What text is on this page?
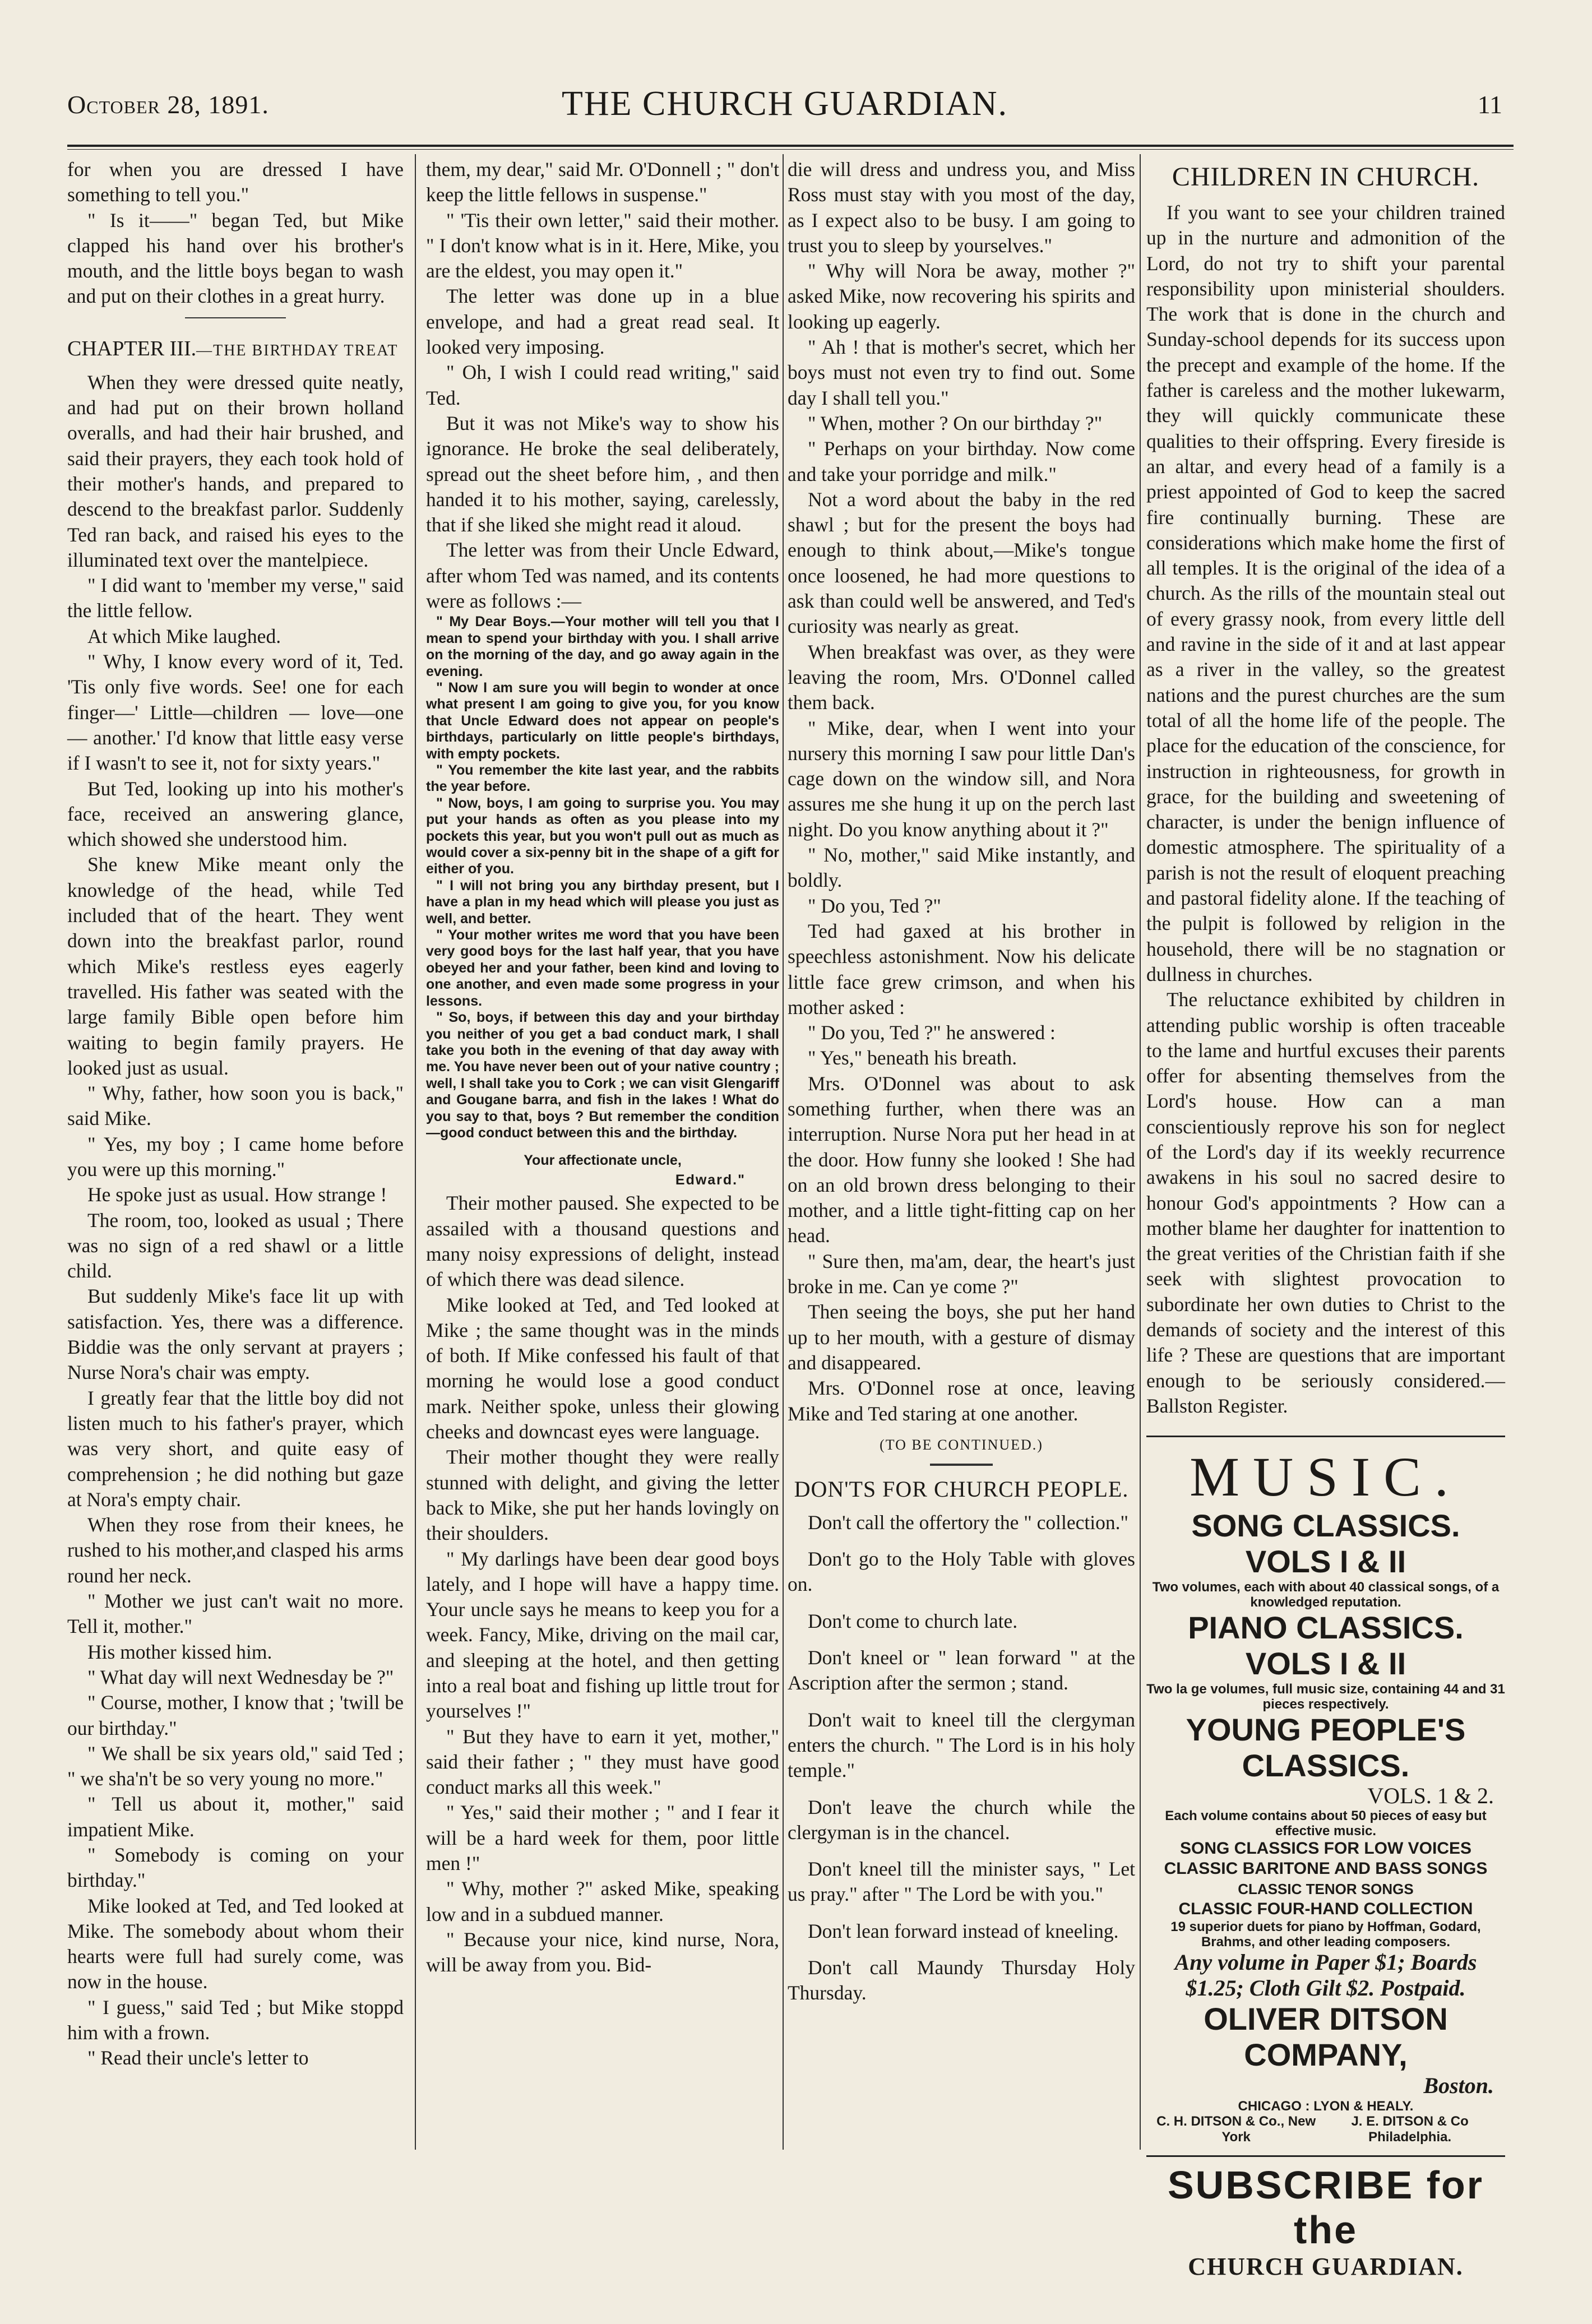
October 28, 1891.	THE CHURCH GUARDIAN.	11

for when you are dressed I have something to tell you."

" Is it——" began Ted, but Mike clapped his hand over his brother's mouth, and the little boys began to wash and put on their clothes in a great hurry.

CHAPTER III.—THE BIRTHDAY TREAT

When they were dressed quite neatly, and had put on their brown holland overalls, and had their hair brushed, and said their prayers, they each took hold of their mother's hands, and prepared to descend to the breakfast parlor. Suddenly Ted ran back, and raised his eyes to the illuminated text over the mantelpiece.

" I did want to 'member my verse," said the little fellow.

At which Mike laughed.

" Why, I know every word of it, Ted. 'Tis only five words. See! one for each finger—' Little—children — love—one — another.' I'd know that little easy verse if I wasn't to see it, not for sixty years."

But Ted, looking up into his mother's face, received an answering glance, which showed she understood him.

She knew Mike meant only the knowledge of the head, while Ted included that of the heart. They went down into the breakfast parlor, round which Mike's restless eyes eagerly travelled. His father was seated with the large family Bible open before him waiting to begin family prayers. He looked just as usual.

" Why, father, how soon you is back," said Mike.

" Yes, my boy ; I came home before you were up this morning."

He spoke just as usual. How strange !

The room, too, looked as usual ; There was no sign of a red shawl or a little child.

But suddenly Mike's face lit up with satisfaction. Yes, there was a difference. Biddie was the only servant at prayers ; Nurse Nora's chair was empty.

I greatly fear that the little boy did not listen much to his father's prayer, which was very short, and quite easy of comprehension ; he did nothing but gaze at Nora's empty chair.

When they rose from their knees, he rushed to his mother,and clasped his arms round her neck.

" Mother we just can't wait no more. Tell it, mother."

His mother kissed him.

" What day will next Wednesday be ?"

" Course, mother, I know that ; 'twill be our birthday."

" We shall be six years old," said Ted ; " we sha'n't be so very young no more."

" Tell us about it, mother," said impatient Mike.

" Somebody is coming on your birthday."

Mike looked at Ted, and Ted looked at Mike. The somebody about whom their hearts were full had surely come, was now in the house.

" I guess," said Ted ; but Mike stoppd him with a frown.

" Read their uncle's letter to

them, my dear," said Mr. O'Donnell ; " don't keep the little fellows in suspense."

" 'Tis their own letter," said their mother. " I don't know what is in it. Here, Mike, you are the eldest, you may open it."

The letter was done up in a blue envelope, and had a great read seal. It looked very imposing.

" Oh, I wish I could read writing," said Ted.

But it was not Mike's way to show his ignorance. He broke the seal deliberately, spread out the sheet before him, , and then handed it to his mother, saying, carelessly, that if she liked she might read it aloud.

The letter was from their Uncle Edward, after whom Ted was named, and its contents were as follows :—

" My Dear Boys.—Your mother will tell you that I mean to spend your birthday with you. I shall arrive on the morning of the day, and go away again in the evening.

" Now I am sure you will begin to wonder at once what present I am going to give you, for you know that Uncle Edward does not appear on people's birthdays, particularly on little people's birthdays, with empty pockets.

" You remember the kite last year, and the rabbits the year before.

" Now, boys, I am going to surprise you. You may put your hands as often as you please into my pockets this year, but you won't pull out as much as would cover a six-penny bit in the shape of a gift for either of you.

" I will not bring you any birthday present, but I have a plan in my head which will please you just as well, and better.

" Your mother writes me word that you have been very good boys for the last half year, that you have obeyed her and your father, been kind and loving to one another, and even made some progress in your lessons.

" So, boys, if between this day and your birthday you neither of you get a bad conduct mark, I shall take you both in the evening of that day away with me. You have never been out of your native country ; well, I shall take you to Cork ; we can visit Glengariff and Gougane barra, and fish in the lakes ! What do you say to that, boys ? But remember the condition —good conduct between this and the birthday.

Your affectionate uncle,
Edward."

Their mother paused. She expected to be assailed with a thousand questions and many noisy expressions of delight, instead of which there was dead silence.

Mike looked at Ted, and Ted looked at Mike ; the same thought was in the minds of both. If Mike confessed his fault of that morning he would lose a good conduct mark. Neither spoke, unless their glowing cheeks and downcast eyes were language.

Their mother thought they were really stunned with delight, and giving the letter back to Mike, she put her hands lovingly on their shoulders.

" My darlings have been dear good boys lately, and I hope will have a happy time. Your uncle says he means to keep you for a week. Fancy, Mike, driving on the mail car, and sleeping at the hotel, and then getting into a real boat and fishing up little trout for yourselves !"

" But they have to earn it yet, mother," said their father ; " they must have good conduct marks all this week."

" Yes," said their mother ; " and I fear it will be a hard week for them, poor little men !"

" Why, mother ?" asked Mike, speaking low and in a subdued manner.

" Because your nice, kind nurse, Nora, will be away from you. Bid-

die will dress and undress you, and Miss Ross must stay with you most of the day, as I expect also to be busy. I am going to trust you to sleep by yourselves."

" Why will Nora be away, mother ?" asked Mike, now recovering his spirits and looking up eagerly.

" Ah ! that is mother's secret, which her boys must not even try to find out. Some day I shall tell you."

" When, mother ? On our birthday ?"

" Perhaps on your birthday. Now come and take your porridge and milk."

Not a word about the baby in the red shawl ; but for the present the boys had enough to think about,—Mike's tongue once loosened, he had more questions to ask than could well be answered, and Ted's curiosity was nearly as great.

When breakfast was over, as they were leaving the room, Mrs. O'Donnel called them back.

" Mike, dear, when I went into your nursery this morning I saw pour little Dan's cage down on the window sill, and Nora assures me she hung it up on the perch last night. Do you know anything about it ?"

" No, mother," said Mike instantly, and boldly.

" Do you, Ted ?"

Ted had gaxed at his brother in speechless astonishment. Now his delicate little face grew crimson, and when his mother asked :

" Do you, Ted ?" he answered :

" Yes," beneath his breath.

Mrs. O'Donnel was about to ask something further, when there was an interruption. Nurse Nora put her head in at the door. How funny she looked ! She had on an old brown dress belonging to their mother, and a little tight-fitting cap on her head.

" Sure then, ma'am, dear, the heart's just broke in me. Can ye come ?"

Then seeing the boys, she put her hand up to her mouth, with a gesture of dismay and disappeared.

Mrs. O'Donnel rose at once, leaving Mike and Ted staring at one another.

(TO BE CONTINUED.)
DON'TS FOR CHURCH PEOPLE.

Don't call the offertory the " collection."

Don't go to the Holy Table with gloves on.

Don't come to church late.

Don't kneel or " lean forward " at the Ascription after the sermon ; stand.

Don't wait to kneel till the clergyman enters the church. " The Lord is in his holy temple."

Don't leave the church while the clergyman is in the chancel.

Don't kneel till the minister says, " Let us pray." after " The Lord be with you."

Don't lean forward instead of kneeling.

Don't call Maundy Thursday Holy Thursday.

CHILDREN IN CHURCH.

If you want to see your children trained up in the nurture and admonition of the Lord, do not try to shift your parental responsibility upon ministerial shoulders. The work that is done in the church and Sunday-school depends for its success upon the precept and example of the home. If the father is careless and the mother lukewarm, they will quickly communicate these qualities to their offspring. Every fireside is an altar, and every head of a family is a priest appointed of God to keep the sacred fire continually burning. These are considerations which make home the first of all temples. It is the original of the idea of a church. As the rills of the mountain steal out of every grassy nook, from every little dell and ravine in the side of it and at last appear as a river in the valley, so the greatest nations and the purest churches are the sum total of all the home life of the people. The place for the education of the conscience, for instruction in righteousness, for growth in grace, for the building and sweetening of character, is under the benign influence of domestic atmosphere. The spirituality of a parish is not the result of eloquent preaching and pastoral fidelity alone. If the teaching of the pulpit is followed by religion in the household, there will be no stagnation or dullness in churches.

The reluctance exhibited by children in attending public worship is often traceable to the lame and hurtful excuses their parents offer for absenting themselves from the Lord's house. How can a man conscientiously reprove his son for neglect of the Lord's day if its weekly recurrence awakens in his soul no sacred desire to honour God's appointments ? How can a mother blame her daughter for inattention to the great verities of the Christian faith if she seek with slightest provocation to subordinate her own duties to Christ to the demands of society and the interest of this life ? These are questions that are important enough to be seriously considered.—Ballston Register.

MUSIC.
SONG CLASSICS. VOLS I & II
Two volumes, each with about 40 classical songs, of a knowledged reputation.
PIANO CLASSICS. VOLS I & II
Two la ge volumes, full music size, containing 44 and 31 pieces respectively.
YOUNG PEOPLE'S CLASSICS.
VOLS. 1 & 2.
Each volume contains about 50 pieces of easy but effective music.
SONG CLASSICS FOR LOW VOICES
CLASSIC BARITONE AND BASS SONGS
CLASSIC TENOR SONGS
CLASSIC FOUR-HAND COLLECTION
19 superior duets for piano by Hoffman, Godard, Brahms, and other leading composers.
Any volume in Paper $1; Boards $1.25; Cloth Gilt $2. Postpaid.
OLIVER DITSON COMPANY,
Boston.
CHICAGO : LYON & HEALY.
C. H. DITSON & Co., New York
J. E. DITSON & Co Philadelphia.
SUBSCRIBE for the
CHURCH GUARDIAN.
